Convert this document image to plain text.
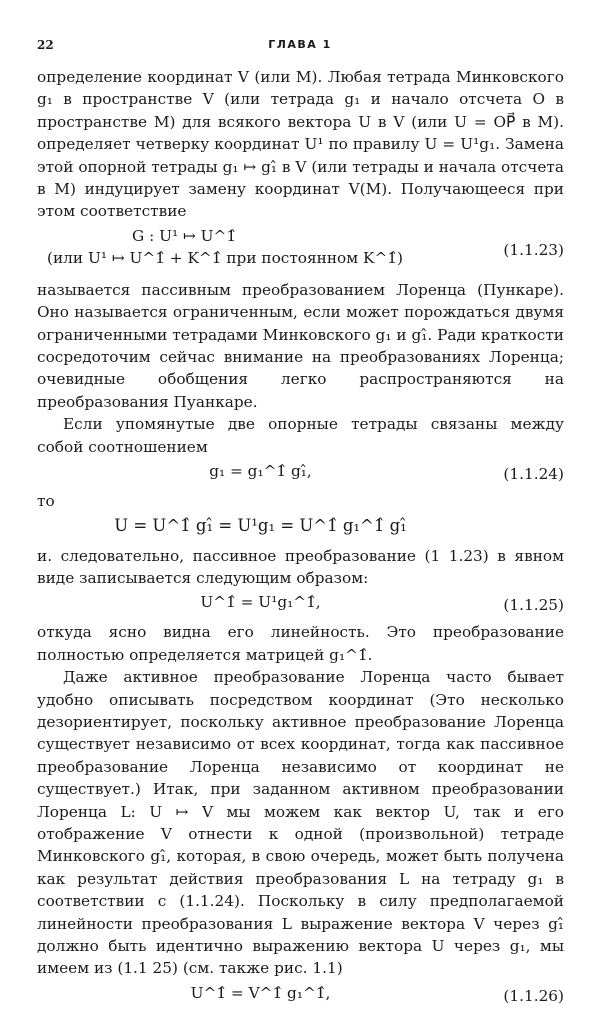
22	ГЛАВА 1

определение координат V (или M). Любая тетрада Минковского g₁ в пространстве V (или тетрада g₁ и начало отсчета O в пространстве M) для всякого вектора U в V (или U = OP⃗ в M). определяет четверку координат U¹ по правилу U = U¹g₁. Замена этой опорной тетрады g₁ ↦ g₁̂ в V (или тетрады и начала отсчета в M) индуцирует замену координат V(M). Получающееся при этом соответствие

G : U¹ ↦ U^1̂
(или U¹ ↦ U^1̂ + K^1̂ при постоянном K^1̂)	(1.1.23)

называется пассивным преобразованием Лоренца (Пункаре). Оно называется ограниченным, если может порождаться двумя ограниченными тетрадами Минковского g₁ и g₁̂. Ради краткости сосредоточим сейчас внимание на преобразованиях Лоренца; очевидные обобщения легко распространяются на преобразования Пуанкаре.

Если упомянутые две опорные тетрады связаны между собой соотношением

g₁ = g₁^1̂ g₁̂,	(1.1.24)

то

U = U^1̂ g₁̂ = U¹g₁ = U^1̂ g₁^1̂ g₁̂

и. следовательно, пассивное преобразование (1 1.23) в явном виде записывается следующим образом:

U^1̂ = U¹g₁^1̂,	(1.1.25)

откуда ясно видна его линейность. Это преобразование полностью определяется матрицей g₁^1̂.

Даже активное преобразование Лоренца часто бывает удобно описывать посредством координат (Это несколько дезориентирует, поскольку активное преобразование Лоренца существует независимо от всех координат, тогда как пассивное преобразование Лоренца независимо от координат не существует.) Итак, при заданном активном преобразовании Лоренца L: U ↦ V мы можем как вектор U, так и его отображение V отнести к одной (произвольной) тетраде Минковского g₁̂, которая, в свою очередь, может быть получена как результат действия преобразования L на тетраду g₁ в соответствии с (1.1.24). Поскольку в силу предполагаемой линейности преобразования L выражение вектора V через g₁̂ должно быть идентично выражению вектора U через g₁, мы имеем из (1.1 25) (см. также рис. 1.1)

U^1̂ = V^1̂ g₁^1̂,	(1.1.26)
